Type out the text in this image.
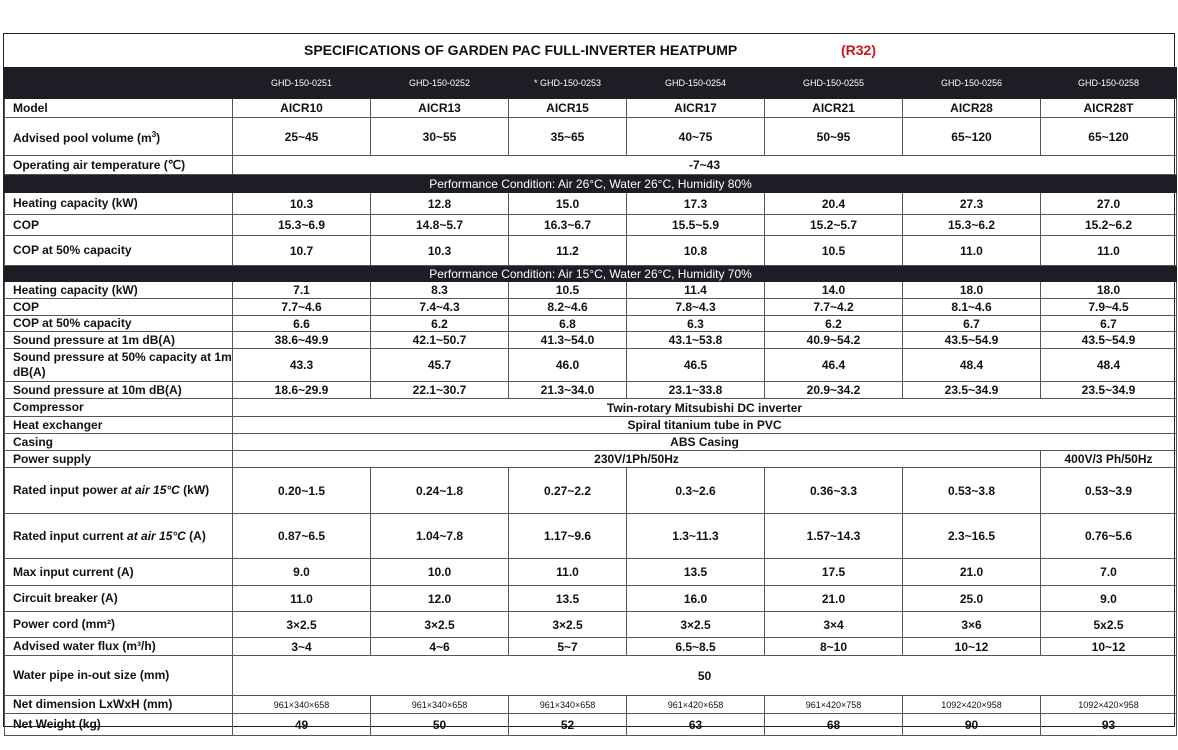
SPECIFICATIONS OF GARDEN PAC FULL-INVERTER HEATPUMP	(R32)
	GHD-150-0251	GHD-150-0252	* GHD-150-0253	GHD-150-0254	GHD-150-0255	GHD-150-0256	GHD-150-0258
Model	AICR10	AICR13	AICR15	AICR17	AICR21	AICR28	AICR28T
Advised pool volume $(m^3)$	25~45	30~55	35~65	40~75	50~95	65~120	65~120
Operating air temperature (℃)	-7~43						
Performance Condition: Air 26°C, Water 26°C, Humidity 80%							
Heating capacity (kW)	10.3	12.8	15.0	17.3	20.4	27.3	27.0
COP	15.3~6.9	14.8~5.7	16.3~6.7	15.5~5.9	15.2~5.7	15.3~6.2	15.2~6.2
COP at 50% capacity	10.7	10.3	11.2	10.8	10.5	11.0	11.0
Performance Condition: Air 15°C, Water 26°C, Humidity 70%							
Heating capacity (kW)	7.1	8.3	10.5	11.4	14.0	18.0	18.0
COP	7.7~4.6	7.4~4.3	8.2~4.6	7.8~4.3	7.7~4.2	8.1~4.6	7.9~4.5
COP at 50% capacity	6.6	6.2	6.8	6.3	6.2	6.7	6.7
Sound pressure at 1m dB(A)	38.6~49.9	42.1~50.7	41.3~54.0	43.1~53.8	40.9~54.2	43.5~54.9	43.5~54.9
Sound pressure at 50% capacity at 1m dB(A)	43.3	45.7	46.0	46.5	46.4	48.4	48.4
Sound pressure at 10m dB(A)	18.6~29.9	22.1~30.7	21.3~34.0	23.1~33.8	20.9~34.2	23.5~34.9	23.5~34.9
Compressor	Twin-rotary Mitsubishi DC inverter						
Heat exchanger	Spiral titanium tube in PVC						
Casing	ABS Casing						
Power supply	230V/1Ph/50Hz						400V/3 Ph/50Hz
Rated input power at air 15°C (kW)	0.20~1.5	0.24~1.8	0.27~2.2	0.3~2.6	0.36~3.3	0.53~3.8	0.53~3.9
Rated input current at air 15°C (A)	0.87~6.5	1.04~7.8	1.17~9.6	1.3~11.3	1.57~14.3	2.3~16.5	0.76~5.6
Max input current (A)	9.0	10.0	11.0	13.5	17.5	21.0	7.0
Circuit breaker (A)	11.0	12.0	13.5	16.0	21.0	25.0	9.0
Power cord (mm²)	3×2.5	3×2.5	3×2.5	3×2.5	3×4	3×6	5x2.5
Advised water flux (m³/h)	3~4	4~6	5~7	6.5~8.5	8~10	10~12	10~12
Water pipe in-out size (mm)	50						
Net dimension LxWxH (mm)	961×340×658	961×340×658	961×340×658	961×420×658	961×420×758	1092×420×958	1092×420×958
Net Weight (kg)	49	50	52	63	68	90	93
